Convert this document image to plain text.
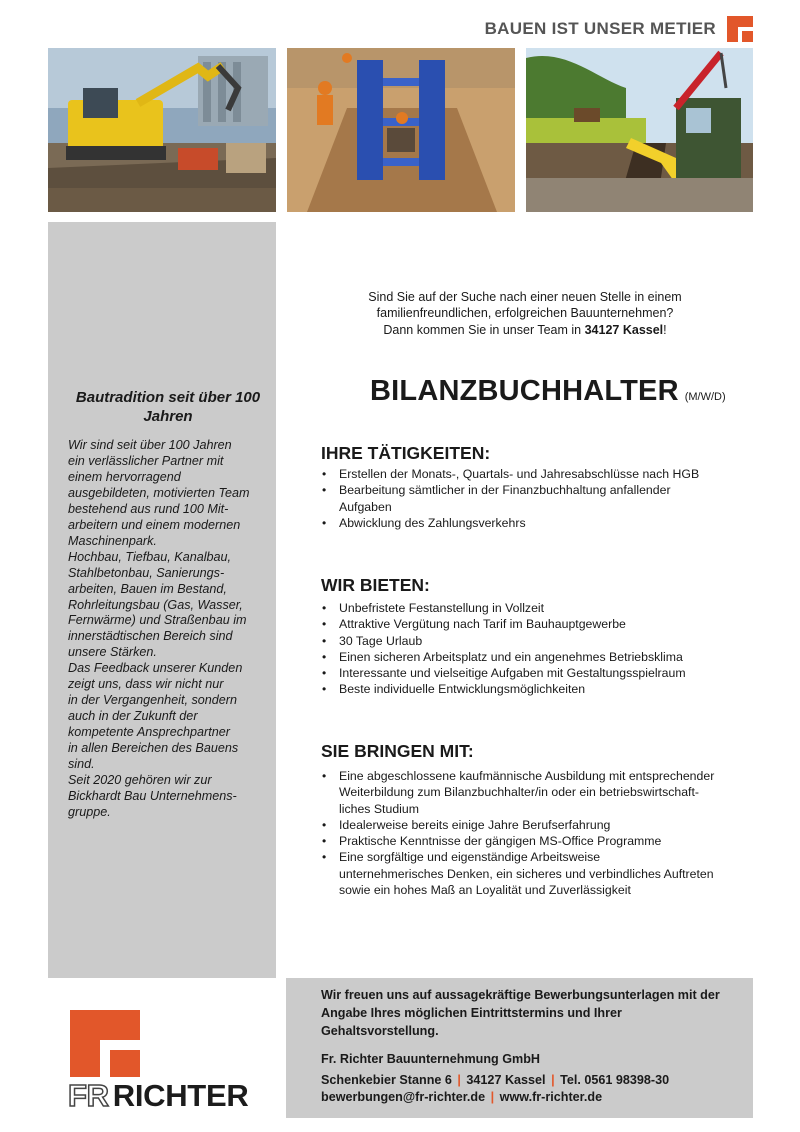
BAUEN IST UNSER METIER
Bautradition seit über 100 Jahren

Wir sind seit über 100 Jahren
ein verlässlicher Partner mit
einem hervorragend
ausgebildeten, motivierten Team
bestehend aus rund 100 Mit-
arbeitern und einem modernen
Maschinenpark.

Hochbau, Tiefbau, Kanalbau,
Stahlbetonbau, Sanierungs-
arbeiten, Bauen im Bestand,
Rohrleitungsbau (Gas, Wasser,
Fernwärme) und Straßenbau im
innerstädtischen Bereich sind
unsere Stärken.

Das Feedback unserer Kunden
zeigt uns, dass wir nicht nur
in der Vergangenheit, sondern
auch in der Zukunft der
kompetente Ansprechpartner
in allen Bereichen des Bauens
sind.

Seit 2020 gehören wir zur
Bickhardt Bau Unternehmens-
gruppe.

Sind Sie auf der Suche nach einer neuen Stelle in einem
familienfreundlichen, erfolgreichen Bauunternehmen?
Dann kommen Sie in unser Team in 34127 Kassel!
BILANZBUCHHALTER (M/W/D)
IHRE TÄTIGKEITEN:
• Erstellen der Monats-, Quartals- und Jahresabschlüsse nach HGB
• Bearbeitung sämtlicher in der Finanzbuchhaltung anfallender
Aufgaben
• Abwicklung des Zahlungsverkehrs
WIR BIETEN:
• Unbefristete Festanstellung in Vollzeit
• Attraktive Vergütung nach Tarif im Bauhauptgewerbe
• 30 Tage Urlaub
• Einen sicheren Arbeitsplatz und ein angenehmes Betriebsklima
• Interessante und vielseitige Aufgaben mit Gestaltungsspielraum
• Beste individuelle Entwicklungsmöglichkeiten
SIE BRINGEN MIT:
• Eine abgeschlossene kaufmännische Ausbildung mit entsprechender
Weiterbildung zum Bilanzbuchhalter/in oder ein betriebswirtschaft-
liches Studium
• Idealerweise bereits einige Jahre Berufserfahrung
• Praktische Kenntnisse der gängigen MS-Office Programme
• Eine sorgfältige und eigenständige Arbeitsweise
unternehmerisches Denken, ein sicheres und verbindliches Auftreten
sowie ein hohes Maß an Loyalität und Zuverlässigkeit
Wir freuen uns auf aussagekräftige Bewerbungsunterlagen mit der
Angabe Ihres möglichen Eintrittstermins und Ihrer Gehaltsvorstellung.
Fr. Richter Bauunternehmung GmbH
Schenkebier Stanne 6 | 34127 Kassel | Tel. 0561 98398-30
bewerbungen@fr-richter.de | www.fr-richter.de
FR RICHTER
